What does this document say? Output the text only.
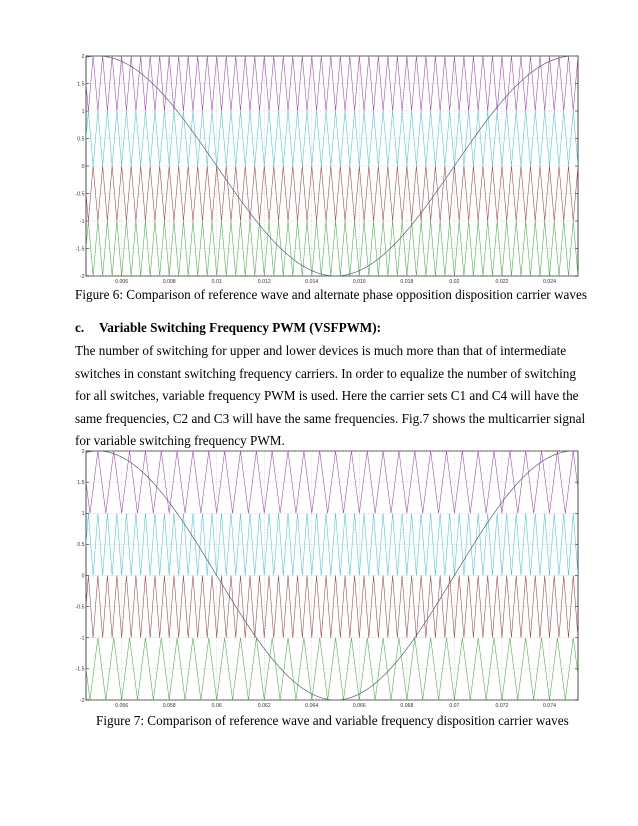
2
1.5
1
0.5
0
-0.5
-1
-1.5
-2
0.006	0.008	0.01	0.012	0.014	0.016	0.018	0.02	0.022	0.024
Figure 6: Comparison of reference wave and alternate phase opposition disposition carrier waves
c. Variable Switching Frequency PWM (VSFPWM):
The number of switching for upper and lower devices is much more than that of intermediate
switches in constant switching frequency carriers. In order to equalize the number of switching
for all switches, variable frequency PWM is used. Here the carrier sets C1 and C4 will have the
same frequencies, C2 and C3 will have the same frequencies. Fig.7 shows the multicarrier signal
for variable switching frequency PWM.
2
1.5
1
0.5
0
-0.5
-1
-1.5
-2
0.056	0.058	0.06	0.062	0.064	0.066	0.068	0.07	0.072	0.074
Figure 7: Comparison of reference wave and variable frequency disposition carrier waves
